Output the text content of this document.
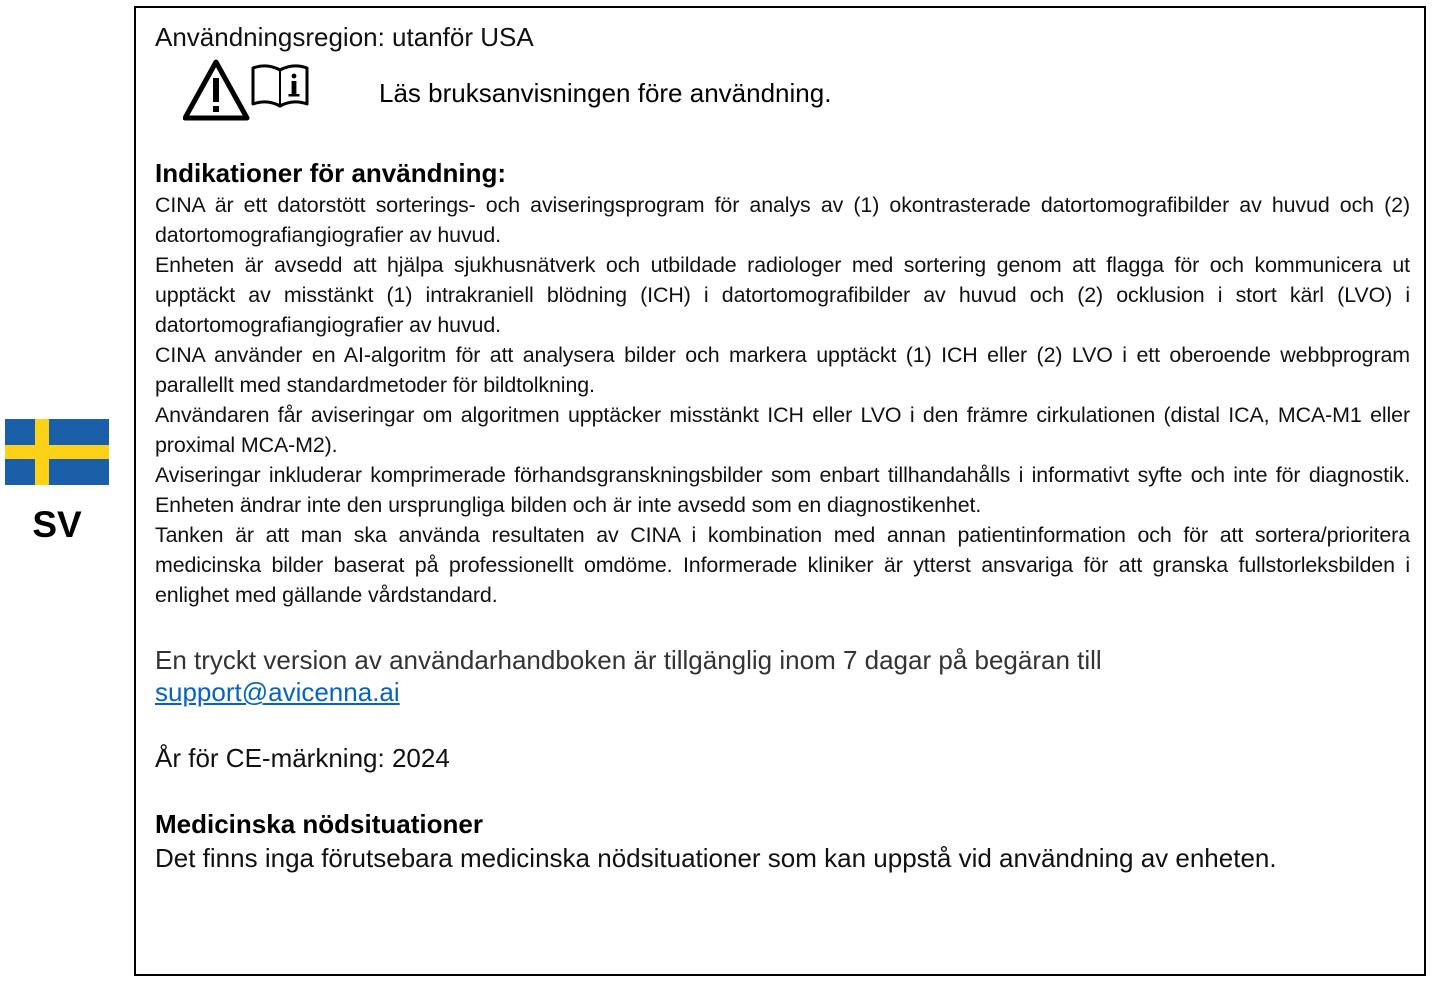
SV

Användningsregion: utanför USA

Läs bruksanvisningen före användning.
Indikationer för användning:

CINA är ett datorstött sorterings- och aviseringsprogram för analys av (1) okontrasterade datortomografibilder av huvud och (2) datortomografiangiografier av huvud.

Enheten är avsedd att hjälpa sjukhusnätverk och utbildade radiologer med sortering genom att flagga för och kommunicera ut upptäckt av misstänkt (1) intrakraniell blödning (ICH) i datortomografibilder av huvud och (2) ocklusion i stort kärl (LVO) i datortomografiangiografier av huvud.

CINA använder en AI-algoritm för att analysera bilder och markera upptäckt (1) ICH eller (2) LVO i ett oberoende webbprogram parallellt med standardmetoder för bildtolkning.

Användaren får aviseringar om algoritmen upptäcker misstänkt ICH eller LVO i den främre cirkulationen (distal ICA, MCA-M1 eller proximal MCA-M2).

Aviseringar inkluderar komprimerade förhandsgranskningsbilder som enbart tillhandahålls i informativt syfte och inte för diagnostik. Enheten ändrar inte den ursprungliga bilden och är inte avsedd som en diagnostikenhet.

Tanken är att man ska använda resultaten av CINA i kombination med annan patientinformation och för att sortera/prioritera medicinska bilder baserat på professionellt omdöme. Informerade kliniker är ytterst ansvariga för att granska fullstorleksbilden i enlighet med gällande vårdstandard.

En tryckt version av användarhandboken är tillgänglig inom 7 dagar på begäran till
support@avicenna.ai

År för CE-märkning: 2024

Medicinska nödsituationer

Det finns inga förutsebara medicinska nödsituationer som kan uppstå vid användning av enheten.
